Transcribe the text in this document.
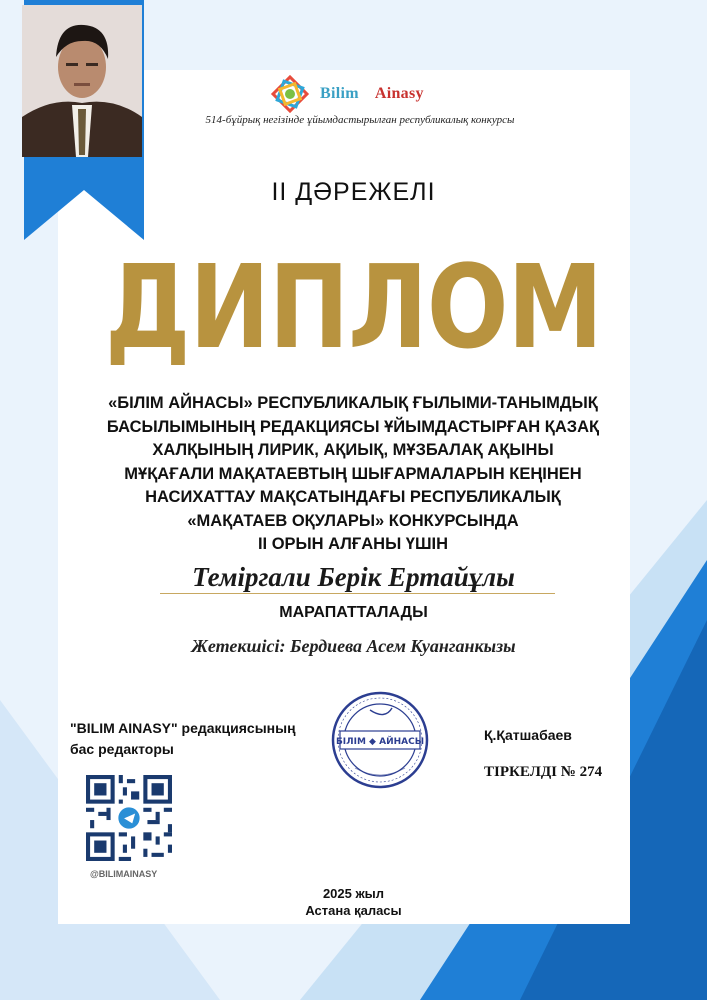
Bilim Ainasy
514-бұйрық негізінде ұйымдастырылған республикалық конкурсы
II ДӘРЕЖЕЛІ
ДИПЛОМ
«БІЛІМ АЙНАСЫ» РЕСПУБЛИКАЛЫҚ ҒЫЛЫМИ-ТАНЫМДЫҚ
БАСЫЛЫМЫНЫҢ РЕДАКЦИЯСЫ ҰЙЫМДАСТЫРҒАН ҚАЗАҚ
ХАЛҚЫНЫҢ ЛИРИК, АҚИЫҚ, МҰЗБАЛАҚ АҚЫНЫ
МҰҚАҒАЛИ МАҚАТАЕВТЫҢ ШЫҒАРМАЛАРЫН КЕҢІНЕН
НАСИХАТТАУ МАҚСАТЫНДАҒЫ РЕСПУБЛИКАЛЫҚ
«МАҚАТАЕВ ОҚУЛАРЫ» КОНКУРСЫНДА
II ОРЫН АЛҒАНЫ ҮШІН
Теміргали Берік Ертайұлы
МАРАПАТТАЛАДЫ
Жетекшісі: Бердиева Асем Куанганкызы
"BILIM AINASY" редакциясының
бас редакторы	БІЛІМ ◆ АЙНАСЫ	Қ.Қатшабаев
ТІРКЕЛДІ № 274
@BILIMAINASY
2025 жыл
Астана қаласы
